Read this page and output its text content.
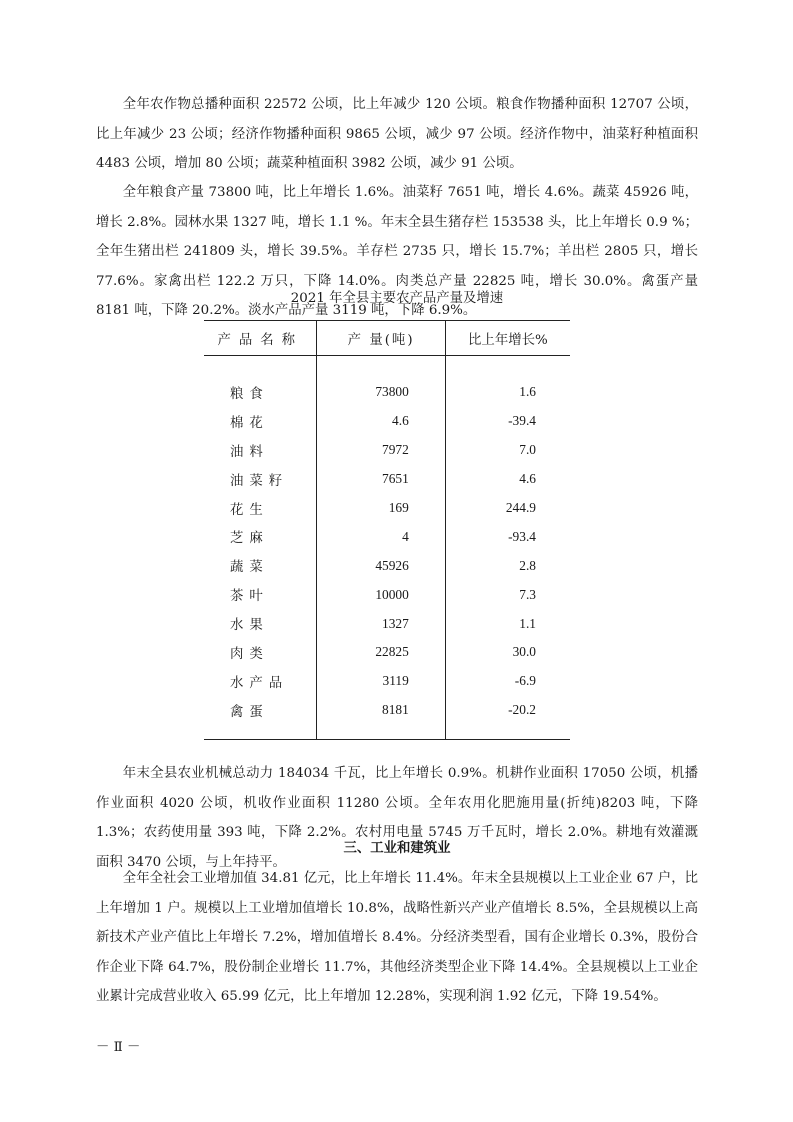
全年农作物总播种面积 22572 公顷，比上年减少 120 公顷。粮食作物播种面积 12707 公顷，比上年减少 23 公顷；经济作物播种面积 9865 公顷，减少 97 公顷。经济作物中，油菜籽种植面积 4483 公顷，增加 80 公顷；蔬菜种植面积 3982 公顷，减少 91 公顷。

全年粮食产量 73800 吨，比上年增长 1.6%。油菜籽 7651 吨，增长 4.6%。蔬菜 45926 吨，增长 2.8%。园林水果 1327 吨，增长 1.1 %。年末全县生猪存栏 153538 头，比上年增长 0.9 %；全年生猪出栏 241809 头，增长 39.5%。羊存栏 2735 只，增长 15.7%；羊出栏 2805 只，增长 77.6%。家禽出栏 122.2 万只，下降 14.0%。肉类总产量 22825 吨，增长 30.0%。禽蛋产量 8181 吨，下降 20.2%。淡水产品产量 3119 吨，下降 6.9%。

2021 年全县主要农产品产量及增速

产品名称	产 量(吨)	比上年增长%
粮食	73800	1.6
棉花	4.6	-39.4
油料	7972	7.0
油菜籽	7651	4.6
花生	169	244.9
芝麻	4	-93.4
蔬菜	45926	2.8
茶叶	10000	7.3
水果	1327	1.1
肉类	22825	30.0
水产品	3119	-6.9
禽蛋	8181	-20.2

年末全县农业机械总动力 184034 千瓦，比上年增长 0.9%。机耕作业面积 17050 公顷，机播作业面积 4020 公顷，机收作业面积 11280 公顷。全年农用化肥施用量(折纯)8203 吨，下降 1.3%；农药使用量 393 吨，下降 2.2%。农村用电量 5745 万千瓦时，增长 2.0%。耕地有效灌溉面积 3470 公顷，与上年持平。

三、工业和建筑业

全年全社会工业增加值 34.81 亿元，比上年增长 11.4%。年末全县规模以上工业企业 67 户，比上年增加 1 户。规模以上工业增加值增长 10.8%，战略性新兴产业产值增长 8.5%，全县规模以上高新技术产业产值比上年增长 7.2%，增加值增长 8.4%。分经济类型看，国有企业增长 0.3%，股份合作企业下降 64.7%，股份制企业增长 11.7%，其他经济类型企业下降 14.4%。全县规模以上工业企业累计完成营业收入 65.99 亿元，比上年增加 12.28%，实现利润 1.92 亿元，下降 19.54%。

－ Ⅱ －
